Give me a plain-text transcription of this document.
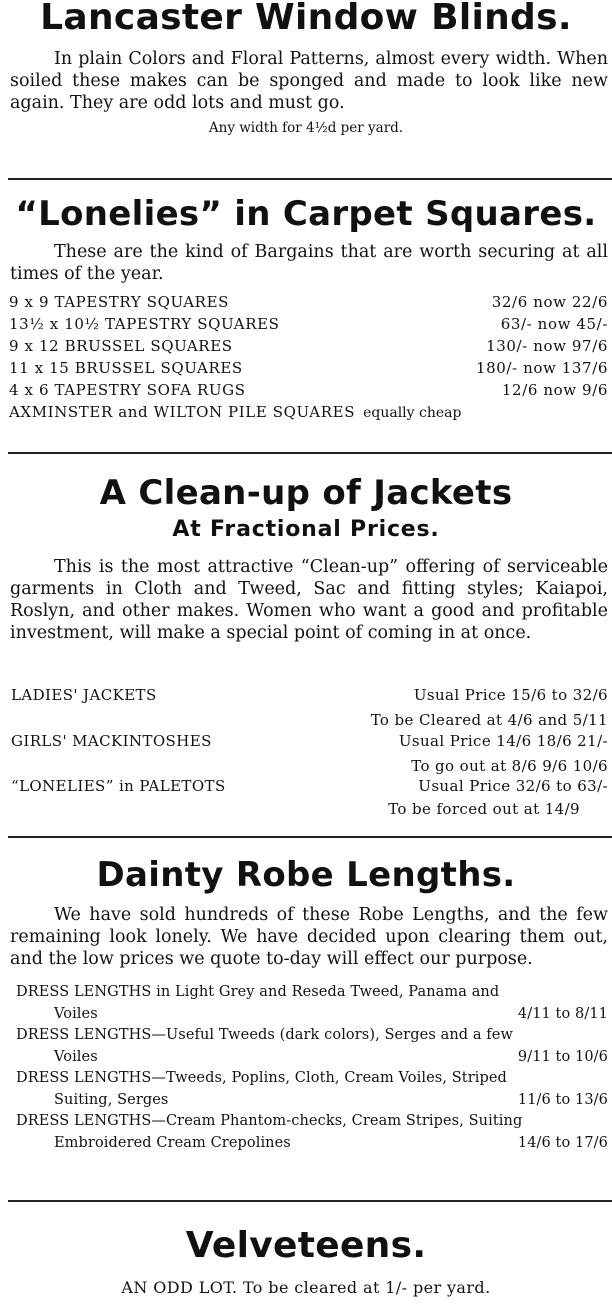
Lancaster Window Blinds.

In plain Colors and Floral Patterns, almost every width. When soiled these makes can be sponged and made to look like new again. They are odd lots and must go.

Any width for 4½d per yard.
“Lonelies” in Carpet Squares.

These are the kind of Bargains that are worth securing at all times of the year.

9 x 9 TAPESTRY SQUARES	32/6 now 22/6
13½ x 10½ TAPESTRY SQUARES	63/- now 45/-
9 x 12 BRUSSEL SQUARES	130/- now 97/6
11 x 15 BRUSSEL SQUARES	180/- now 137/6
4 x 6 TAPESTRY SOFA RUGS	12/6 now 9/6
AXMINSTER and WILTON PILE SQUARES equally cheap
A Clean-up of Jackets
At Fractional Prices.

This is the most attractive “Clean-up” offering of serviceable garments in Cloth and Tweed, Sac and fitting styles; Kaiapoi, Roslyn, and other makes. Women who want a good and profitable investment, will make a special point of coming in at once.

LADIES' JACKETS	Usual Price 15/6 to 32/6
To be Cleared at 4/6 and 5/11
GIRLS' MACKINTOSHES	Usual Price 14/6 18/6 21/-
To go out at 8/6 9/6 10/6
“LONELIES” in PALETOTS	Usual Price 32/6 to 63/-
To be forced out at 14/9
Dainty Robe Lengths.

We have sold hundreds of these Robe Lengths, and the few remaining look lonely. We have decided upon clearing them out, and the low prices we quote to-day will effect our purpose.

DRESS LENGTHS in Light Grey and Reseda Tweed, Panama and
Voiles	4/11 to 8/11
DRESS LENGTHS—Useful Tweeds (dark colors), Serges and a few
Voiles	9/11 to 10/6
DRESS LENGTHS—Tweeds, Poplins, Cloth, Cream Voiles, Striped
Suiting, Serges	11/6 to 13/6
DRESS LENGTHS—Cream Phantom-checks, Cream Stripes, Suiting
Embroidered Cream Crepolines	14/6 to 17/6
Velveteens.
AN ODD LOT. To be cleared at 1/- per yard.
